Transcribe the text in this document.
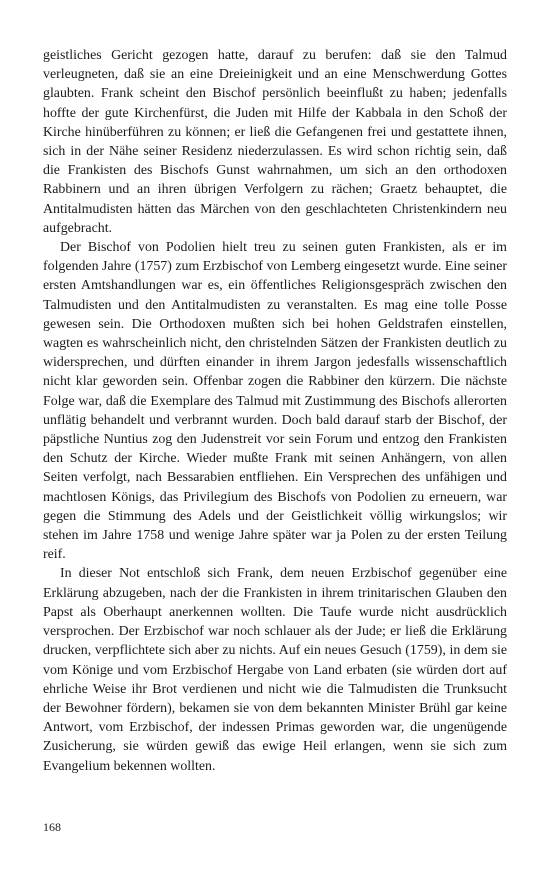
geistliches Gericht gezogen hatte, darauf zu berufen: daß sie den Talmud verleugneten, daß sie an eine Dreieinigkeit und an eine Menschwerdung Gottes glaubten. Frank scheint den Bischof persönlich beeinflußt zu haben; jedenfalls hoffte der gute Kirchenfürst, die Juden mit Hilfe der Kabbala in den Schoß der Kirche hinüberführen zu können; er ließ die Gefangenen frei und gestattete ihnen, sich in der Nähe seiner Residenz niederzulassen. Es wird schon richtig sein, daß die Frankisten des Bischofs Gunst wahrnahmen, um sich an den orthodoxen Rabbinern und an ihren übrigen Verfolgern zu rächen; Graetz behauptet, die Antitalmudisten hätten das Märchen von den geschlachteten Christenkindern neu aufgebracht.

Der Bischof von Podolien hielt treu zu seinen guten Frankisten, als er im folgenden Jahre (1757) zum Erzbischof von Lemberg eingesetzt wurde. Eine seiner ersten Amtshandlungen war es, ein öffentliches Religionsgespräch zwischen den Talmudisten und den Antitalmudisten zu veranstalten. Es mag eine tolle Posse gewesen sein. Die Orthodoxen mußten sich bei hohen Geldstrafen einstellen, wagten es wahrscheinlich nicht, den christelnden Sätzen der Frankisten deutlich zu widersprechen, und dürften einander in ihrem Jargon jedesfalls wissenschaftlich nicht klar geworden sein. Offenbar zogen die Rabbiner den kürzern. Die nächste Folge war, daß die Exemplare des Talmud mit Zustimmung des Bischofs allerorten unflätig behandelt und verbrannt wurden. Doch bald darauf starb der Bischof, der päpstliche Nuntius zog den Judenstreit vor sein Forum und entzog den Frankisten den Schutz der Kirche. Wieder mußte Frank mit seinen Anhängern, von allen Seiten verfolgt, nach Bessarabien entfliehen. Ein Versprechen des unfähigen und machtlosen Königs, das Privilegium des Bischofs von Podolien zu erneuern, war gegen die Stimmung des Adels und der Geistlichkeit völlig wirkungslos; wir stehen im Jahre 1758 und wenige Jahre später war ja Polen zu der ersten Teilung reif.

In dieser Not entschloß sich Frank, dem neuen Erzbischof gegenüber eine Erklärung abzugeben, nach der die Frankisten in ihrem trinitarischen Glauben den Papst als Oberhaupt anerkennen wollten. Die Taufe wurde nicht ausdrücklich versprochen. Der Erzbischof war noch schlauer als der Jude; er ließ die Erklärung drucken, verpflichtete sich aber zu nichts. Auf ein neues Gesuch (1759), in dem sie vom Könige und vom Erzbischof Hergabe von Land erbaten (sie würden dort auf ehrliche Weise ihr Brot verdienen und nicht wie die Talmudisten die Trunksucht der Bewohner fördern), bekamen sie von dem bekannten Minister Brühl gar keine Antwort, vom Erzbischof, der indessen Primas geworden war, die ungenügende Zusicherung, sie würden gewiß das ewige Heil erlangen, wenn sie sich zum Evangelium bekennen wollten.

168
